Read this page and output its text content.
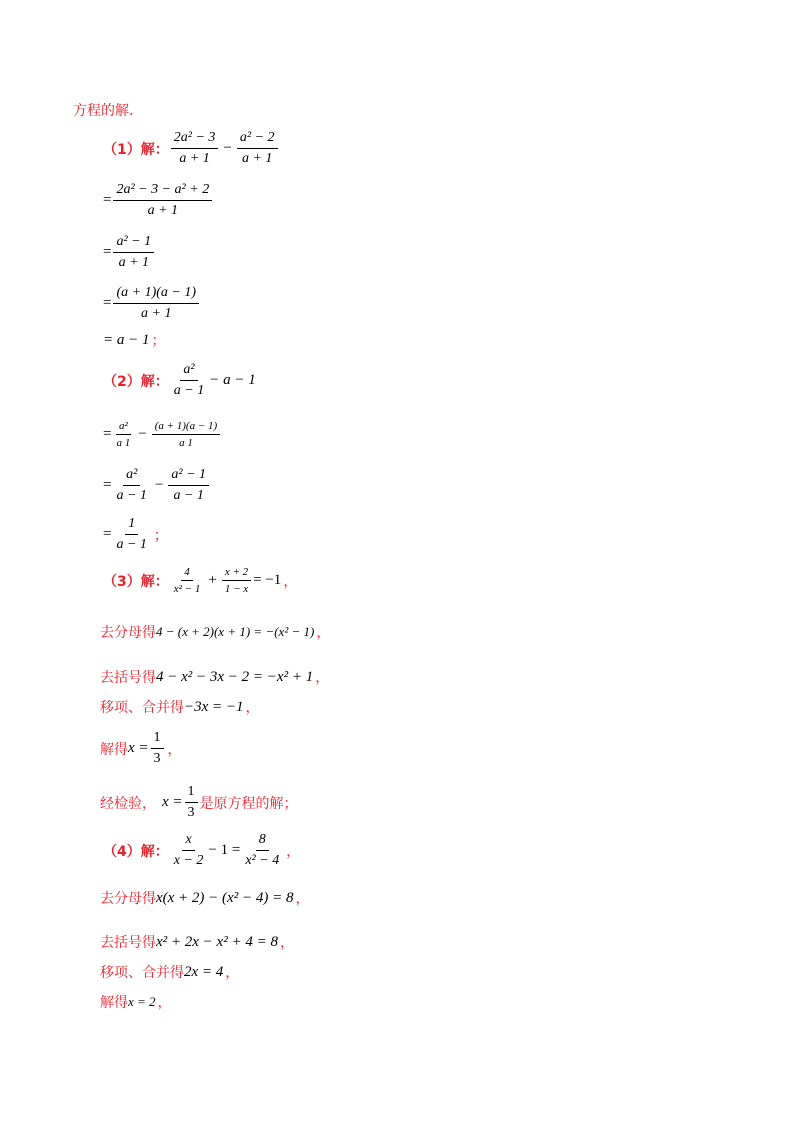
方程的解.
（1）解： $\frac{\text{2a² − 3}}{a + 1} - \frac{\text{a² − 2}}{a + 1}$
= $\frac{\text{2a² − 3 − a² + 2}}{a + 1}$
= $\frac{\text{a² − 1}}{a + 1}$
= $\frac{(a + 1)(a - 1)}{a + 1}$
= a − 1 ；
（2）解： $\frac{\text{a²}}{a - 1} - a - 1$
= $\frac{\text{a²}}{a 1} - \frac{(a + 1)(a - 1)}{a 1}$
= $\frac{\text{a²}}{a - 1} - \frac{\text{a² − 1}}{a - 1}$
= $\frac{1}{a - 1}$ ；
（3）解： $\frac{4}{\text{x² − 1}} + \frac{x + 2}{1 - x} = -1$ ，
去分母得 4 − (x + 2)(x + 1) = −(x² − 1) ，
去括号得 4 − x² − 3x − 2 = −x² + 1 ，
移项、合并得 −3x = −1 ，
解得 $x = \frac{1}{3}$ ，
经检验， $x = \frac{1}{3}$ 是原方程的解；
（4）解： $\frac{x}{x - 2} - 1 = \frac{8}{\text{x² − 4}}$ ，
去分母得 x(x + 2) − (x² − 4) = 8 ，
去括号得 x² + 2x − x² + 4 = 8 ，
移项、合并得 2x = 4 ，
解得 x = 2 ，
